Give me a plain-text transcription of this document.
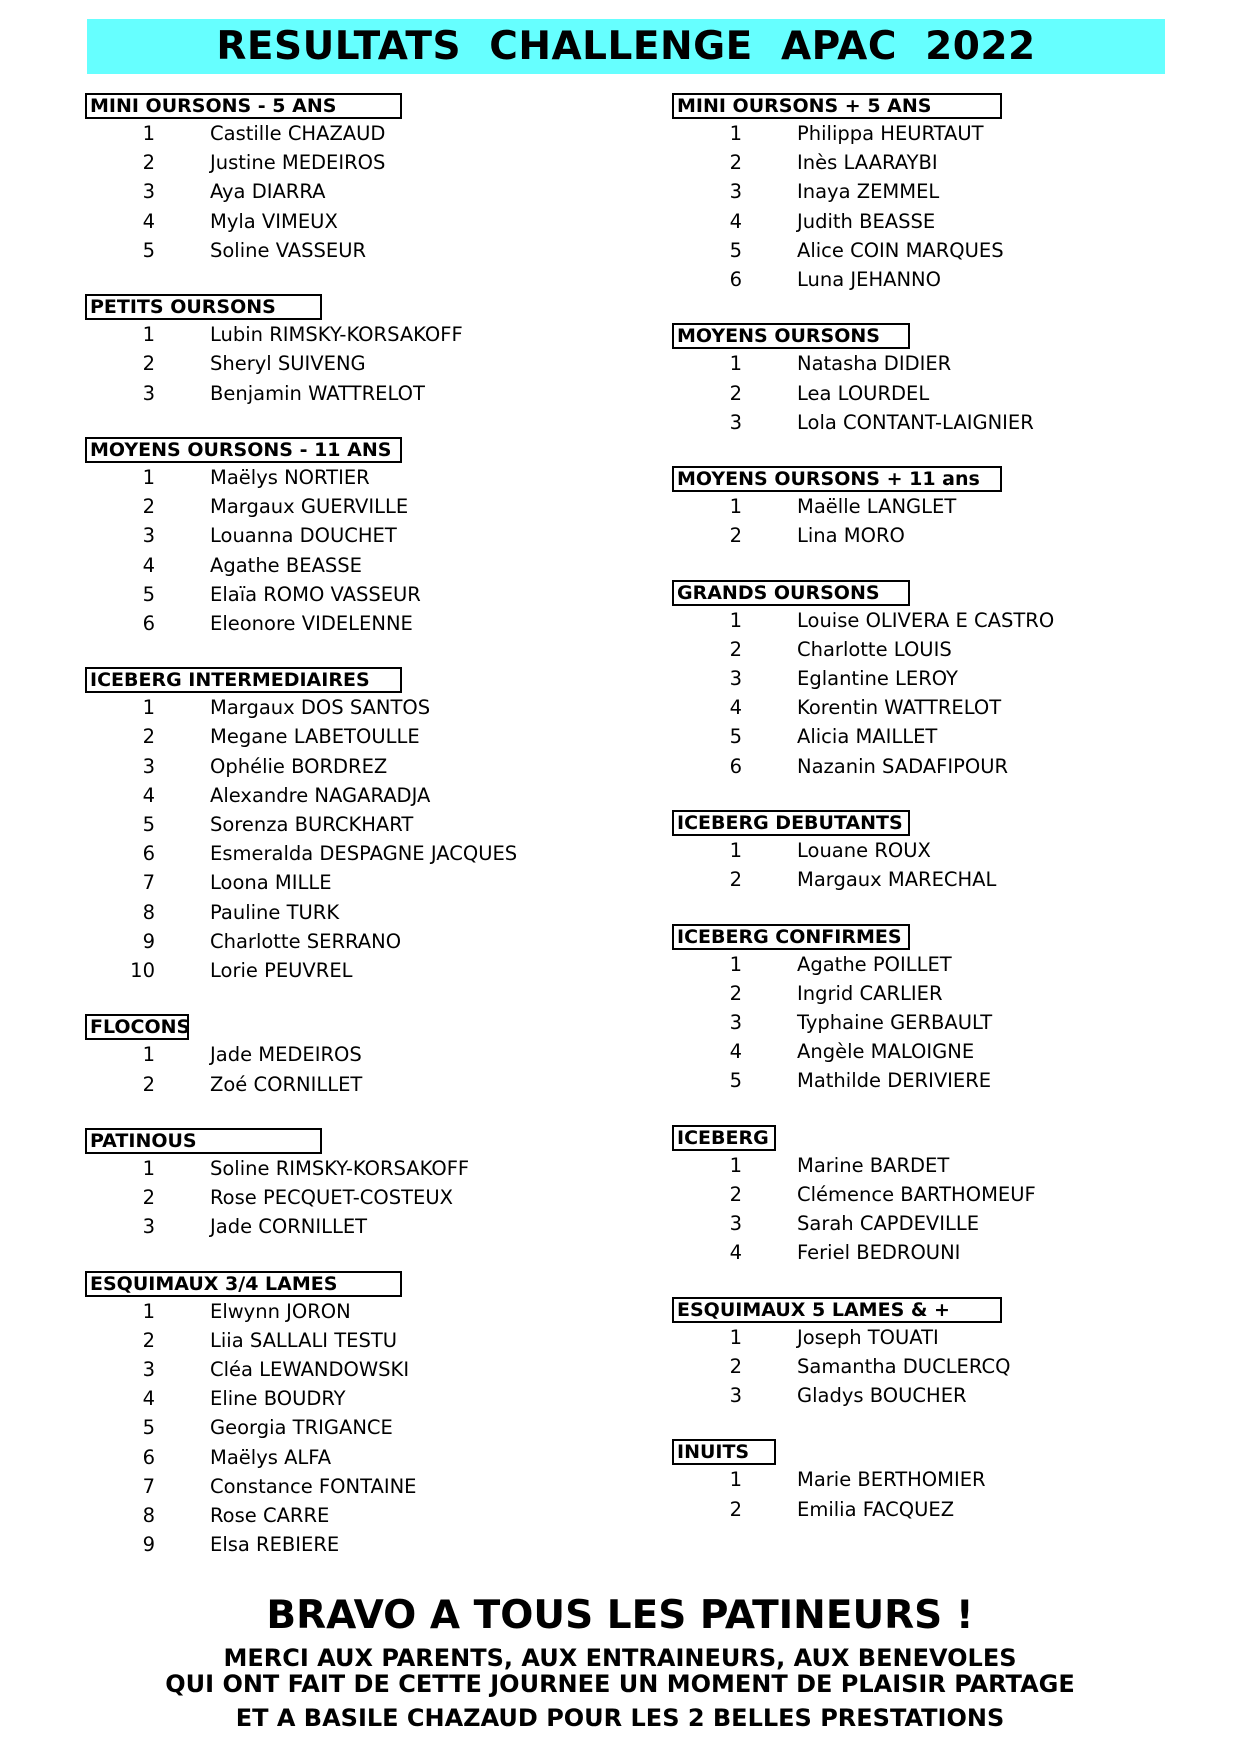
RESULTATS  CHALLENGE  APAC  2022
MINI OURSONS - 5 ANS
1	Castille CHAZAUD
2	Justine MEDEIROS
3	Aya DIARRA
4	Myla VIMEUX
5	Soline VASSEUR
PETITS OURSONS
1	Lubin RIMSKY-KORSAKOFF
2	Sheryl SUIVENG
3	Benjamin WATTRELOT
MOYENS OURSONS - 11 ANS
1	Maëlys NORTIER
2	Margaux GUERVILLE
3	Louanna DOUCHET
4	Agathe BEASSE
5	Elaïa ROMO VASSEUR
6	Eleonore VIDELENNE
ICEBERG INTERMEDIAIRES
1	Margaux DOS SANTOS
2	Megane LABETOULLE
3	Ophélie BORDREZ
4	Alexandre NAGARADJA
5	Sorenza BURCKHART
6	Esmeralda DESPAGNE JACQUES
7	Loona MILLE
8	Pauline TURK
9	Charlotte SERRANO
10	Lorie PEUVREL
FLOCONS
1	Jade MEDEIROS
2	Zoé CORNILLET
PATINOUS
1	Soline RIMSKY-KORSAKOFF
2	Rose PECQUET-COSTEUX
3	Jade CORNILLET
ESQUIMAUX 3/4 LAMES
1	Elwynn JORON
2	Liia SALLALI TESTU
3	Cléa LEWANDOWSKI
4	Eline BOUDRY
5	Georgia TRIGANCE
6	Maëlys ALFA
7	Constance FONTAINE
8	Rose CARRE
9	Elsa REBIERE
MINI OURSONS + 5 ANS
1	Philippa HEURTAUT
2	Inès LAARAYBI
3	Inaya ZEMMEL
4	Judith BEASSE
5	Alice COIN MARQUES
6	Luna JEHANNO
MOYENS OURSONS
1	Natasha DIDIER
2	Lea LOURDEL
3	Lola CONTANT-LAIGNIER
MOYENS OURSONS + 11 ans
1	Maëlle LANGLET
2	Lina MORO
GRANDS OURSONS
1	Louise OLIVERA E CASTRO
2	Charlotte LOUIS
3	Eglantine LEROY
4	Korentin WATTRELOT
5	Alicia MAILLET
6	Nazanin SADAFIPOUR
ICEBERG DEBUTANTS
1	Louane ROUX
2	Margaux MARECHAL
ICEBERG CONFIRMES
1	Agathe POILLET
2	Ingrid CARLIER
3	Typhaine GERBAULT
4	Angèle MALOIGNE
5	Mathilde DERIVIERE
ICEBERG
1	Marine BARDET
2	Clémence BARTHOMEUF
3	Sarah CAPDEVILLE
4	Feriel BEDROUNI
ESQUIMAUX 5 LAMES & +
1	Joseph TOUATI
2	Samantha DUCLERCQ
3	Gladys BOUCHER
INUITS
1	Marie BERTHOMIER
2	Emilia FACQUEZ
BRAVO A TOUS LES PATINEURS !
MERCI AUX PARENTS, AUX ENTRAINEURS, AUX BENEVOLES
QUI ONT FAIT DE CETTE JOURNEE UN MOMENT DE PLAISIR PARTAGE
ET A BASILE CHAZAUD POUR LES 2 BELLES PRESTATIONS
